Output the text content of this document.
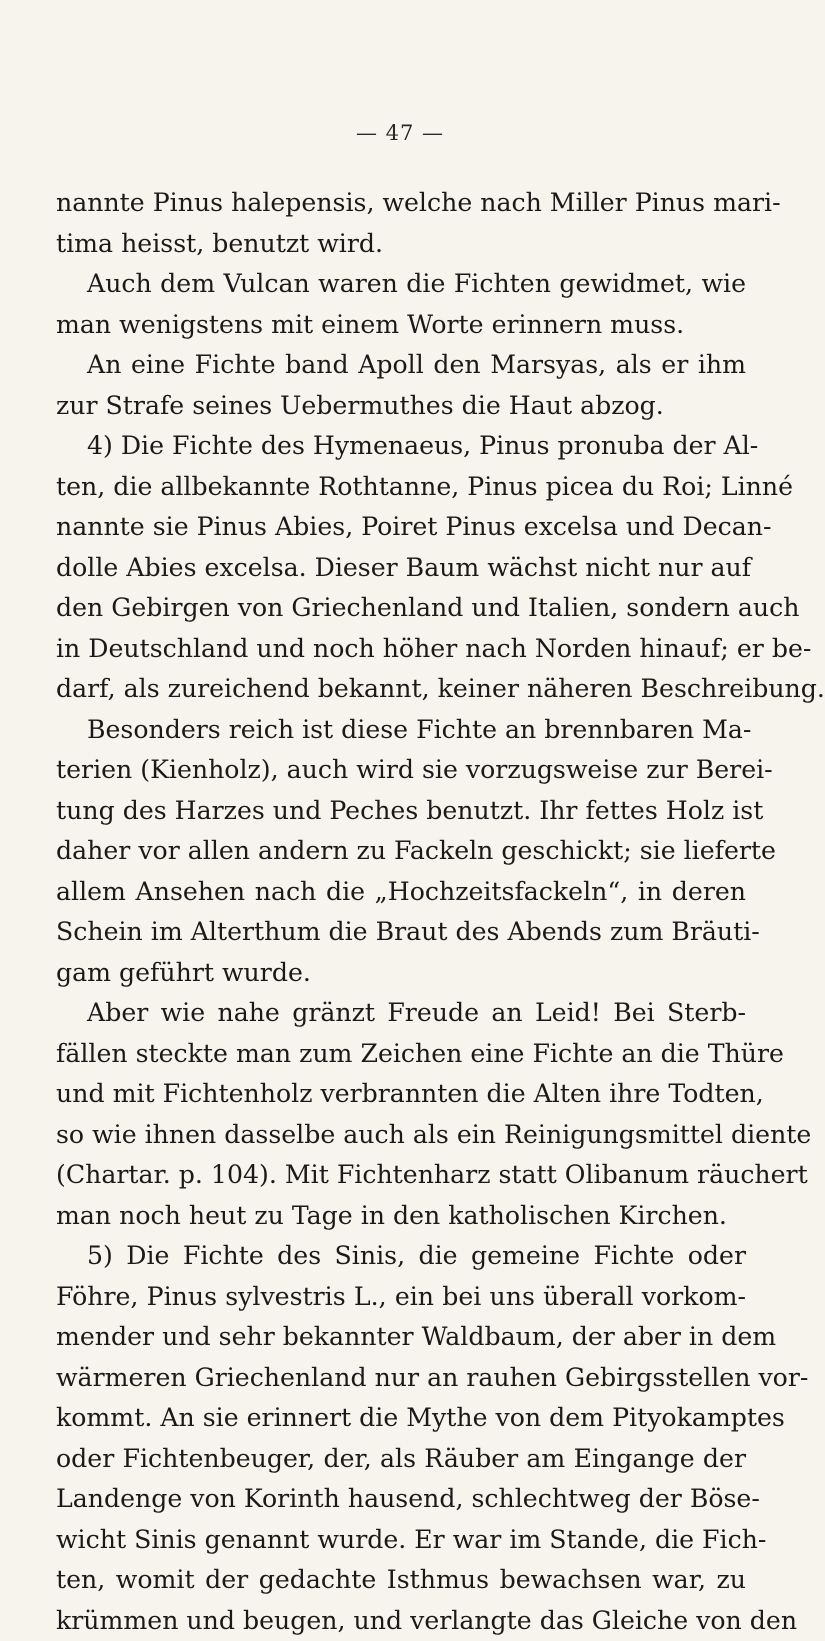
— 47 —
nannte Pinus halepensis, welche nach Miller Pinus mari-
tima heisst, benutzt wird.
Auch dem Vulcan waren die Fichten gewidmet, wie
man wenigstens mit einem Worte erinnern muss.
An eine Fichte band Apoll den Marsyas, als er ihm
zur Strafe seines Uebermuthes die Haut abzog.
4) Die Fichte des Hymenaeus, Pinus pronuba der Al-
ten, die allbekannte Rothtanne, Pinus picea du Roi; Linné
nannte sie Pinus Abies, Poiret Pinus excelsa und Decan-
dolle Abies excelsa. Dieser Baum wächst nicht nur auf
den Gebirgen von Griechenland und Italien, sondern auch
in Deutschland und noch höher nach Norden hinauf; er be-
darf, als zureichend bekannt, keiner näheren Beschreibung.
Besonders reich ist diese Fichte an brennbaren Ma-
terien (Kienholz), auch wird sie vorzugsweise zur Berei-
tung des Harzes und Peches benutzt. Ihr fettes Holz ist
daher vor allen andern zu Fackeln geschickt; sie lieferte
allem Ansehen nach die „Hochzeitsfackeln“, in deren
Schein im Alterthum die Braut des Abends zum Bräuti-
gam geführt wurde.
Aber wie nahe gränzt Freude an Leid! Bei Sterb-
fällen steckte man zum Zeichen eine Fichte an die Thüre
und mit Fichtenholz verbrannten die Alten ihre Todten,
so wie ihnen dasselbe auch als ein Reinigungsmittel diente
(Chartar. p. 104). Mit Fichtenharz statt Olibanum räuchert
man noch heut zu Tage in den katholischen Kirchen.
5) Die Fichte des Sinis, die gemeine Fichte oder
Föhre, Pinus sylvestris L., ein bei uns überall vorkom-
mender und sehr bekannter Waldbaum, der aber in dem
wärmeren Griechenland nur an rauhen Gebirgsstellen vor-
kommt. An sie erinnert die Mythe von dem Pityokamptes
oder Fichtenbeuger, der, als Räuber am Eingange der
Landenge von Korinth hausend, schlechtweg der Böse-
wicht Sinis genannt wurde. Er war im Stande, die Fich-
ten, womit der gedachte Isthmus bewachsen war, zu
krümmen und beugen, und verlangte das Gleiche von den
